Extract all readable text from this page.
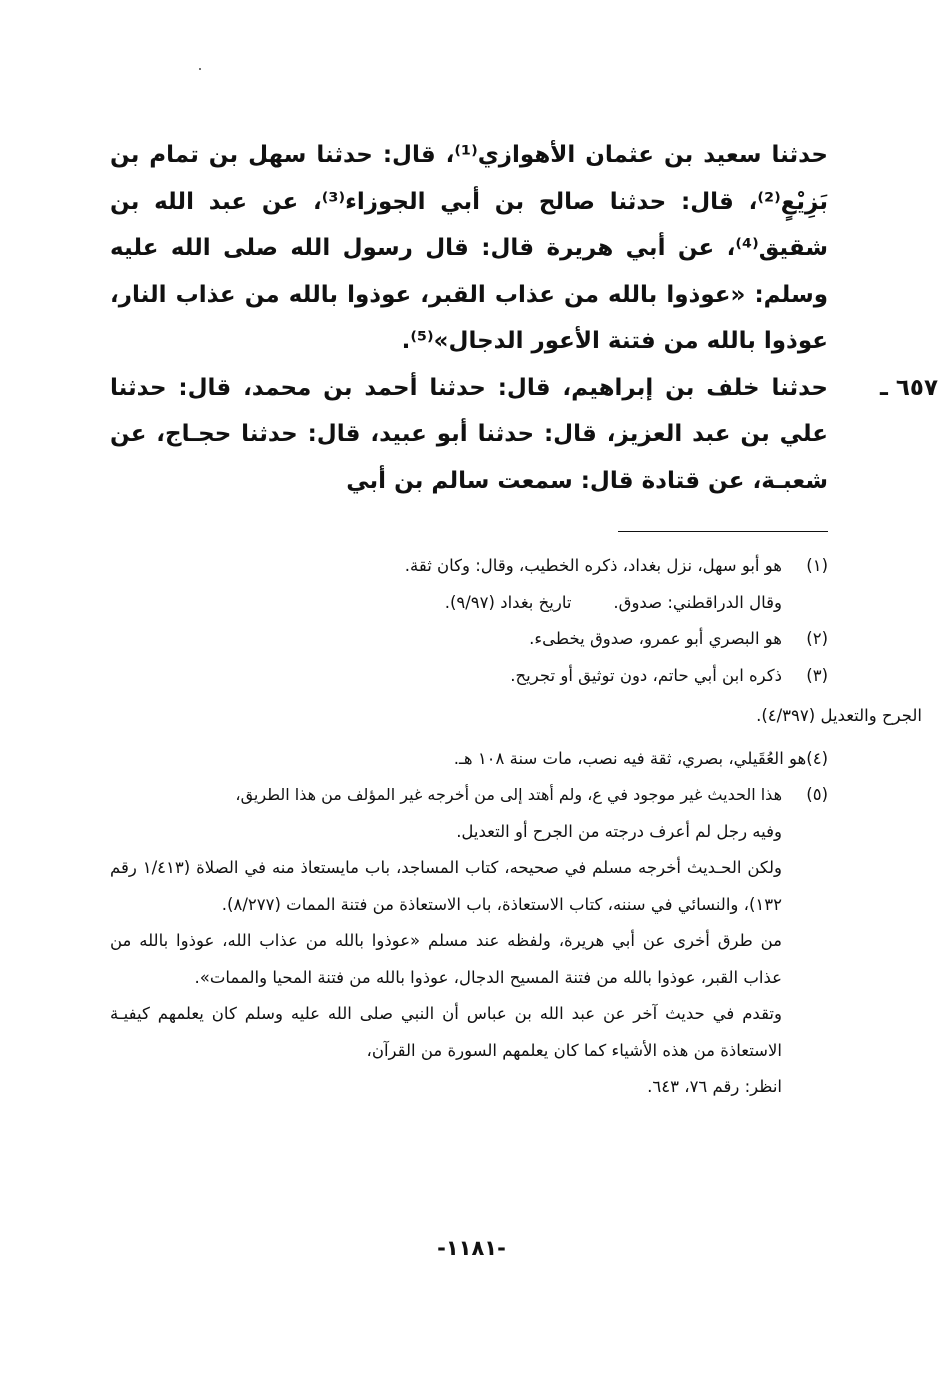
حدثنا سعيد بن عثمان الأهوازي⁽¹⁾، قال: حدثنا سهل بن تمام بن بَزِيْعٍ⁽²⁾، قال: حدثنا صالح بن أبي الجوزاء⁽³⁾، عن عبد الله بن شقيق⁽⁴⁾، عن أبي هريرة قال: قال رسول الله صلى الله عليه وسلم: «عوذوا بالله من عذاب القبر، عوذوا بالله من عذاب النار، عوذوا بالله من فتنة الأعور الدجال»⁽⁵⁾.

٦٥٧ ـ

حدثنا خلف بن إبراهيم، قال: حدثنا أحمد بن محمد، قال: حدثنا علي بن عبد العزيز، قال: حدثنا أبو عبيد، قال: حدثنا حجـاج، عن شعبـة، عن قتادة قال: سمعت سالم بن أبي

(١)
هو أبو سهل، نزل بغداد، ذكره الخطيب، وقال: وكان ثقة.

وقال الدراقطني: صدوق.        تاريخ بغداد (٩/٩٧).

(٢)
هو البصري أبو عمرو، صدوق يخطىء.
(٣)
ذكره ابن أبي حاتم، دون توثيق أو تجريح.

الجرح والتعديل (٤/٣٩٧).

(٤)هو العُقَيلي، بصري، ثقة فيه نصب، مات سنة ١٠٨ هـ.

(٥)
هذا الحديث غير موجود في ع، ولم أهتد إلى من أخرجه غير المؤلف من هذا الطريق،

وفيه رجل لم أعرف درجته من الجرح أو التعديل.

ولكن الحـديث أخرجه مسلم في صحيحه، كتاب المساجد، باب مايستعاذ منه في الصلاة (١/٤١٣ رقم ١٣٢)، والنسائي في سننه، كتاب الاستعاذة، باب الاستعاذة من فتنة الممات (٨/٢٧٧).

من طرق أخرى عن أبي هريرة، ولفظه عند مسلم «عوذوا بالله من عذاب الله، عوذوا بالله من عذاب القبر، عوذوا بالله من فتنة المسيح الدجال، عوذوا بالله من فتنة المحيا والممات».

وتقدم في حديث آخر عن عبد الله بن عباس أن النبي صلى الله عليه وسلم كان يعلمهم كيفيـة الاستعاذة من هذه الأشياء كما كان يعلمهم السورة من القرآن،

انظر: رقم ٧٦، ٦٤٣.

-١١٨١-
